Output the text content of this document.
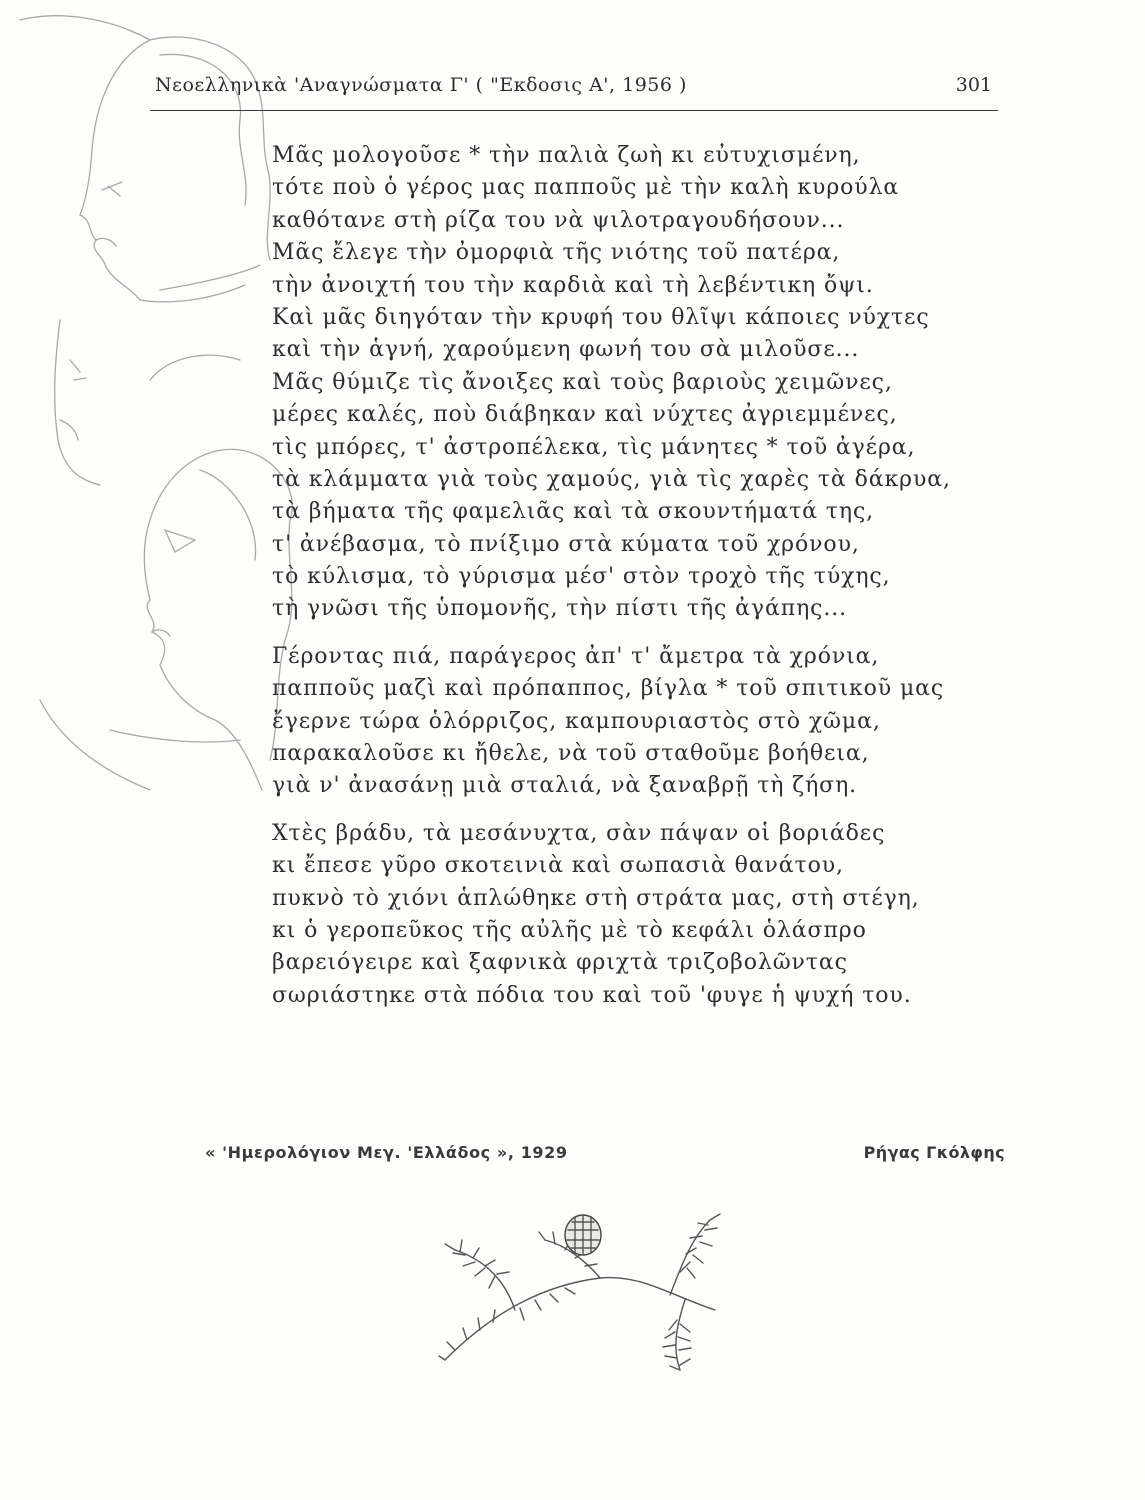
Νεοελληνικὰ 'Αναγνώσματα Γ' ( "Εκδοσις Α', 1956 )	301
Μᾶς μολογοῦσε * τὴν παλιὰ ζωὴ κι εὐτυχισμένη,
τότε ποὺ ὁ γέρος μας παπποῦς μὲ τὴν καλὴ κυρούλα
καθότανε στὴ ρίζα του νὰ ψιλοτραγουδήσουν...
Μᾶς ἔλεγε τὴν ὀμορφιὰ τῆς νιότης τοῦ πατέρα,
τὴν ἀνοιχτή του τὴν καρδιὰ καὶ τὴ λεβέντικη ὄψι.
Καὶ μᾶς διηγόταν τὴν κρυφή του θλῖψι κάποιες νύχτες
καὶ τὴν ἁγνή, χαρούμενη φωνή του σὰ μιλοῦσε...
Μᾶς θύμιζε τὶς ἄνοιξες καὶ τοὺς βαριοὺς χειμῶνες,
μέρες καλές, ποὺ διάβηκαν καὶ νύχτες ἀγριεμμένες,
τὶς μπόρες, τ' ἀστροπέλεκα, τὶς μάνητες * τοῦ ἀγέρα,
τὰ κλάμματα γιὰ τοὺς χαμούς, γιὰ τὶς χαρὲς τὰ δάκρυα,
τὰ βήματα τῆς φαμελιᾶς καὶ τὰ σκουντήματά της,
τ' ἀνέβασμα, τὸ πνίξιμο στὰ κύματα τοῦ χρόνου,
τὸ κύλισμα, τὸ γύρισμα μέσ' στὸν τροχὸ τῆς τύχης,
τὴ γνῶσι τῆς ὑπομονῆς, τὴν πίστι τῆς ἀγάπης...
Γέροντας πιά, παράγερος ἀπ' τ' ἄμετρα τὰ χρόνια,
παπποῦς μαζὶ καὶ πρόπαππος, βίγλα * τοῦ σπιτικοῦ μας
ἔγερνε τώρα ὁλόρριζος, καμπουριαστὸς στὸ χῶμα,
παρακαλοῦσε κι ἤθελε, νὰ τοῦ σταθοῦμε βοήθεια,
γιὰ ν' ἀνασάνῃ μιὰ σταλιά, νὰ ξαναβρῇ τὴ ζήση.
Χτὲς βράδυ, τὰ μεσάνυχτα, σὰν πάψαν οἱ βοριάδες
κι ἔπεσε γῦρο σκοτεινιὰ καὶ σωπασιὰ θανάτου,
πυκνὸ τὸ χιόνι ἁπλώθηκε στὴ στράτα μας, στὴ στέγη,
κι ὁ γεροπεῦκος τῆς αὐλῆς μὲ τὸ κεφάλι ὁλάσπρο
βαρειόγειρε καὶ ξαφνικὰ φριχτὰ τριζοβολῶντας
σωριάστηκε στὰ πόδια του καὶ τοῦ 'φυγε ἡ ψυχή του.
« 'Ημερολόγιον Μεγ. 'Ελλάδος », 1929	Ρήγας Γκόλφης
